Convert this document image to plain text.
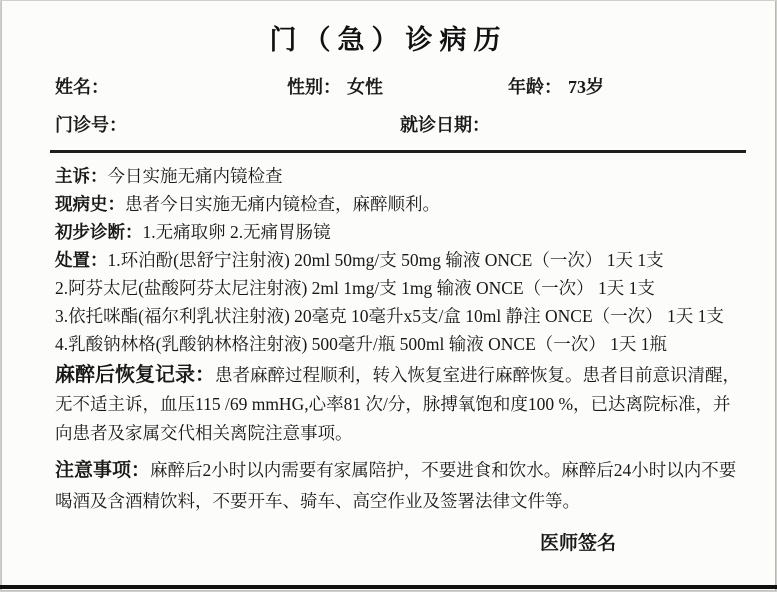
门（急）诊病历
姓名：	性别： 女性	年龄： 73岁
门诊号：	就诊日期：

主诉：今日实施无痛内镜检查

现病史：患者今日实施无痛内镜检查，麻醉顺利。

初步诊断：1.无痛取卵 2.无痛胃肠镜

处置：1.环泊酚(思舒宁注射液) 20ml 50mg/支 50mg 输液 ONCE（一次） 1天 1支

2.阿芬太尼(盐酸阿芬太尼注射液) 2ml 1mg/支 1mg 输液 ONCE（一次） 1天 1支

3.依托咪酯(福尔利乳状注射液) 20毫克 10毫升x5支/盒 10ml 静注 ONCE（一次） 1天 1支

4.乳酸钠林格(乳酸钠林格注射液) 500毫升/瓶 500ml 输液 ONCE（一次） 1天 1瓶

麻醉后恢复记录：患者麻醉过程顺利，转入恢复室进行麻醉恢复。患者目前意识清醒，无不适主诉，血压115 /69 mmHG,心率81 次/分，脉搏氧饱和度100 %，已达离院标准，并向患者及家属交代相关离院注意事项。

注意事项：麻醉后2小时以内需要有家属陪护，不要进食和饮水。麻醉后24小时以内不要喝酒及含酒精饮料，不要开车、骑车、高空作业及签署法律文件等。

医师签名
